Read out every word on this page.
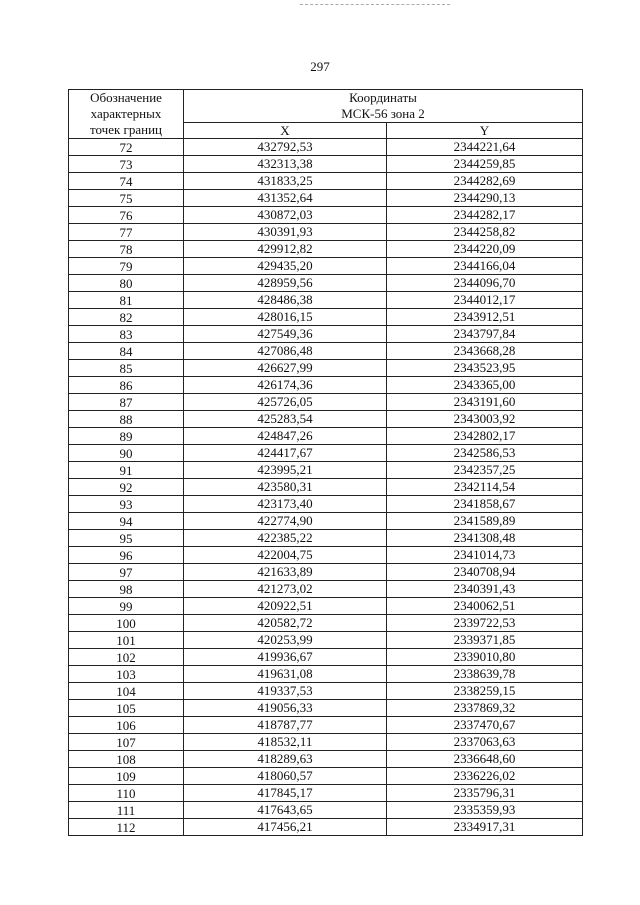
297
Обозначение
характерных
точек границ	Координаты
МСК-56 зона 2	

	X	Y
72	432792,53	2344221,64
73	432313,38	2344259,85
74	431833,25	2344282,69
75	431352,64	2344290,13
76	430872,03	2344282,17
77	430391,93	2344258,82
78	429912,82	2344220,09
79	429435,20	2344166,04
80	428959,56	2344096,70
81	428486,38	2344012,17
82	428016,15	2343912,51
83	427549,36	2343797,84
84	427086,48	2343668,28
85	426627,99	2343523,95
86	426174,36	2343365,00
87	425726,05	2343191,60
88	425283,54	2343003,92
89	424847,26	2342802,17
90	424417,67	2342586,53
91	423995,21	2342357,25
92	423580,31	2342114,54
93	423173,40	2341858,67
94	422774,90	2341589,89
95	422385,22	2341308,48
96	422004,75	2341014,73
97	421633,89	2340708,94
98	421273,02	2340391,43
99	420922,51	2340062,51
100	420582,72	2339722,53
101	420253,99	2339371,85
102	419936,67	2339010,80
103	419631,08	2338639,78
104	419337,53	2338259,15
105	419056,33	2337869,32
106	418787,77	2337470,67
107	418532,11	2337063,63
108	418289,63	2336648,60
109	418060,57	2336226,02
110	417845,17	2335796,31
111	417643,65	2335359,93
112	417456,21	2334917,31
